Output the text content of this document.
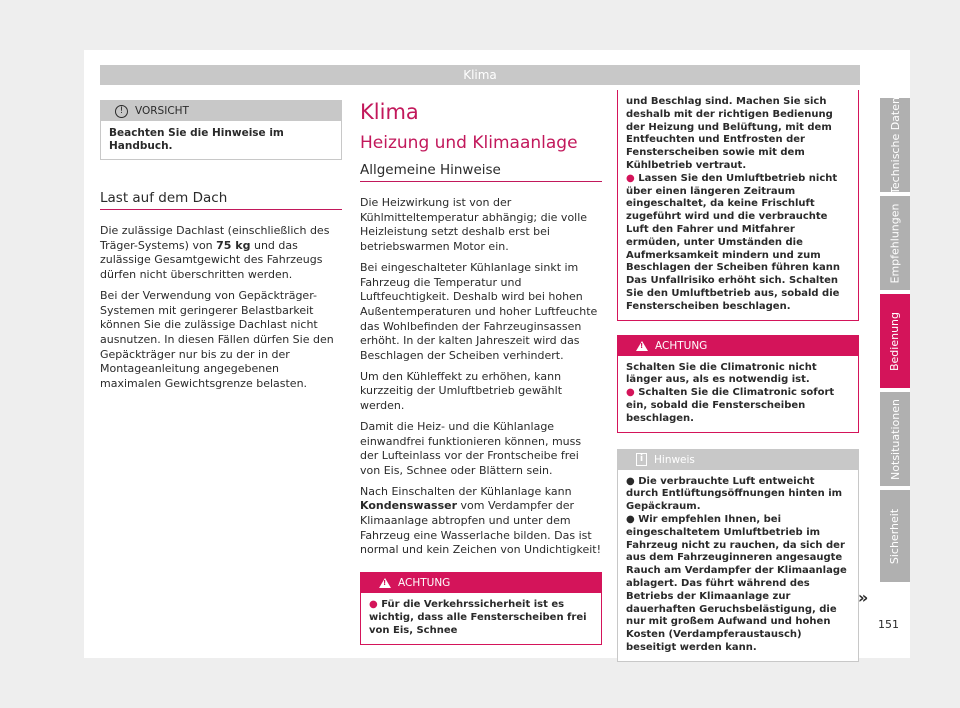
Klima
!	VORSICHT
Beachten Sie die Hinweise im Handbuch.
Last auf dem Dach

Die zulässige Dachlast (einschließlich des Träger-Systems) von 75 kg und das zulässige Gesamtgewicht des Fahrzeugs dürfen nicht überschritten werden.

Bei der Verwendung von Gepäckträger-Systemen mit geringerer Belastbarkeit können Sie die zulässige Dachlast nicht ausnutzen. In diesen Fällen dürfen Sie den Gepäckträger nur bis zu der in der Montageanleitung angegebenen maximalen Gewichtsgrenze belasten.

Klima
Heizung und Klimaanlage
Allgemeine Hinweise

Die Heizwirkung ist von der Kühlmitteltemperatur abhängig; die volle Heizleistung setzt deshalb erst bei betriebswarmen Motor ein.

Bei eingeschalteter Kühlanlage sinkt im Fahrzeug die Temperatur und Luftfeuchtigkeit. Deshalb wird bei hohen Außentemperaturen und hoher Luftfeuchte das Wohlbefinden der Fahrzeuginsassen erhöht. In der kalten Jahreszeit wird das Beschlagen der Scheiben verhindert.

Um den Kühleffekt zu erhöhen, kann kurzzeitig der Umluftbetrieb gewählt werden.

Damit die Heiz- und die Kühlanlage einwandfrei funktionieren können, muss der Lufteinlass vor der Frontscheibe frei von Eis, Schnee oder Blättern sein.

Nach Einschalten der Kühlanlage kann Kondenswasser vom Verdampfer der Klimaanlage abtropfen und unter dem Fahrzeug eine Wasserlache bilden. Das ist normal und kein Zeichen von Undichtigkeit!

! ACHTUNG
● Für die Verkehrssicherheit ist es wichtig, dass alle Fensterscheiben frei von Eis, Schnee
und Beschlag sind. Machen Sie sich deshalb mit der richtigen Bedienung der Heizung und Belüftung, mit dem Entfeuchten und Entfrosten der Fensterscheiben sowie mit dem Kühlbetrieb vertraut.
● Lassen Sie den Umluftbetrieb nicht über einen längeren Zeitraum eingeschaltet, da keine Frischluft zugeführt wird und die verbrauchte Luft den Fahrer und Mitfahrer ermüden, unter Umständen die Aufmerksamkeit mindern und zum Beschlagen der Scheiben führen kann Das Unfallrisiko erhöht sich. Schalten Sie den Umluftbetrieb aus, sobald die Fensterscheiben beschlagen.
! ACHTUNG
Schalten Sie die Climatronic nicht länger aus, als es notwendig ist.
● Schalten Sie die Climatronic sofort ein, sobald die Fensterscheiben beschlagen.
i	Hinweis
● Die verbrauchte Luft entweicht durch Entlüftungsöffnungen hinten im Gepäckraum.
● Wir empfehlen Ihnen, bei eingeschaltetem Umluftbetrieb im Fahrzeug nicht zu rauchen, da sich der aus dem Fahrzeuginneren angesaugte Rauch am Verdampfer der Klimaanlage ablagert. Das führt während des Betriebs der Klimaanlage zur dauerhaften Geruchsbelästigung, die nur mit großem Aufwand und hohen Kosten (Verdampferaustausch) beseitigt werden kann.
»
Technische Daten
Empfehlungen
Bedienung
Notsituationen
Sicherheit
151
